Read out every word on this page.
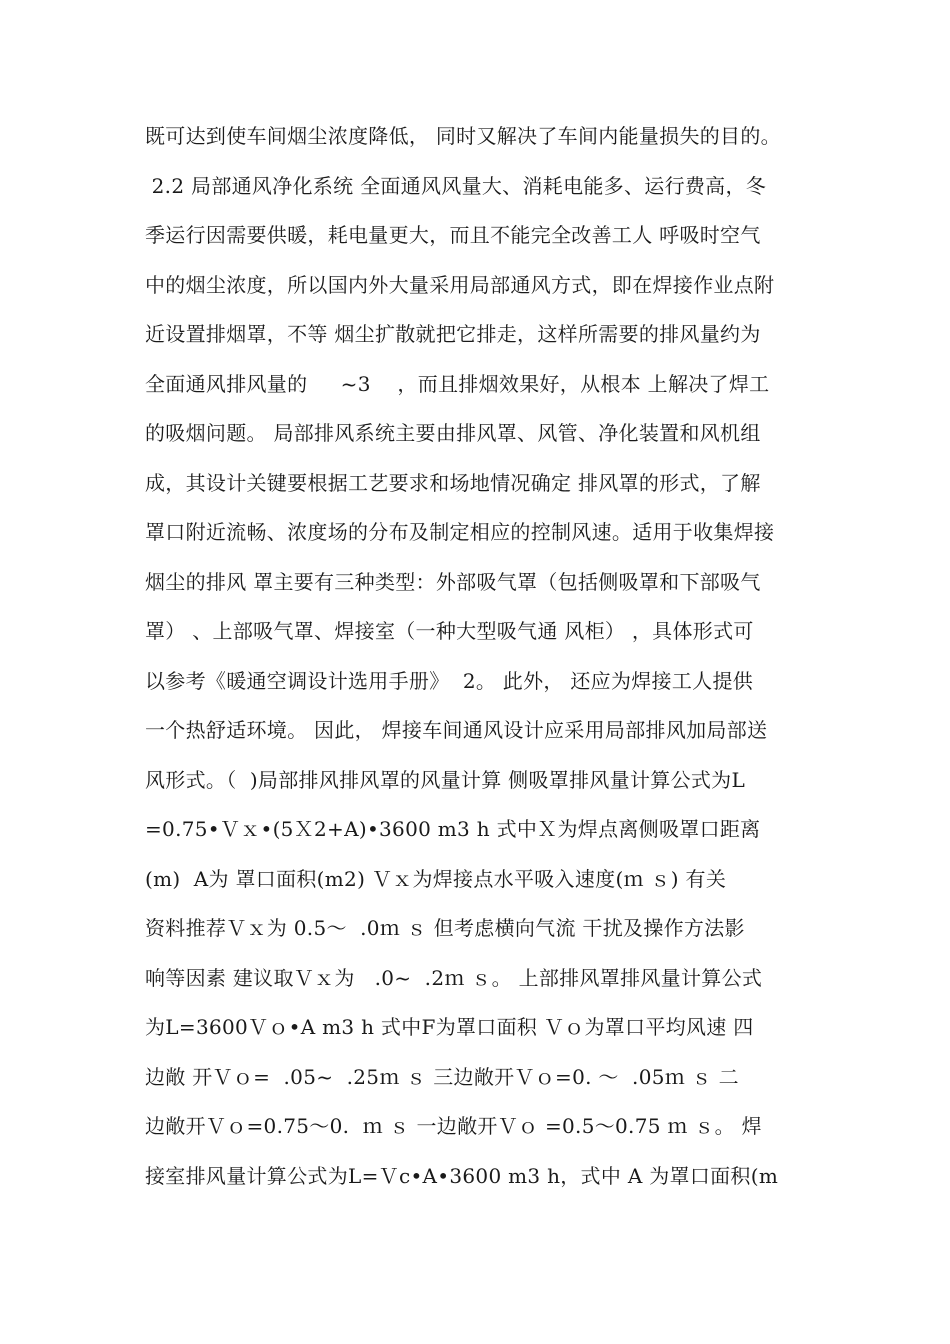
既可达到使车间烟尘浓度降低， 同时又解决了车间内能量损失的目的。
2.2 局部通风净化系统 全面通风风量大、消耗电能多、运行费高，冬
季运行因需要供暖，耗电量更大，而且不能完全改善工人 呼吸时空气
中的烟尘浓度，所以国内外大量采用局部通风方式，即在焊接作业点附
近设置排烟罩，不等 烟尘扩散就把它排走，这样所需要的排风量约为
全面通风排风量的     ~3    ，而且排烟效果好，从根本 上解决了焊工
的吸烟问题。 局部排风系统主要由排风罩、风管、净化装置和风机组
成，其设计关键要根据工艺要求和场地情况确定 排风罩的形式，了解
罩口附近流畅、浓度场的分布及制定相应的控制风速。适用于收集焊接
烟尘的排风 罩主要有三种类型：外部吸气罩（包括侧吸罩和下部吸气
罩） 、上部吸气罩、焊接室（一种大型吸气通 风柜） ，具体形式可
以参考《暖通空调设计选用手册》  2。 此外， 还应为焊接工人提供
一个热舒适环境。 因此， 焊接车间通风设计应采用局部排风加局部送
风形式。（  )局部排风排风罩的风量计算 侧吸罩排风量计算公式为L
=0.75•Ｖｘ•(5Ｘ2+A)•3600 m3 h 式中Ｘ为焊点离侧吸罩口距离
(m)  A为 罩口面积(m2) Ｖｘ为焊接点水平吸入速度(ｍ ｓ) 有关
资料推荐Ｖｘ为 0.5～  .0ｍ ｓ 但考虑横向气流 干扰及操作方法影
响等因素 建议取Ｖｘ为   .0~  .2ｍ ｓ。 上部排风罩排风量计算公式
为L=3600Ｖｏ•A m3 h 式中F为罩口面积 Ｖｏ为罩口平均风速 四
边敞 开Ｖｏ=  .05~  .25ｍ ｓ 三边敞开Ｖｏ=0. ～  .05ｍ ｓ 二
边敞开Ｖｏ=0.75～0.  ｍ ｓ 一边敞开Ｖｏ =0.5～0.75 ｍ ｓ。 焊
接室排风量计算公式为L=Ｖc•A•3600 m3 h，式中 A 为罩口面积(m
